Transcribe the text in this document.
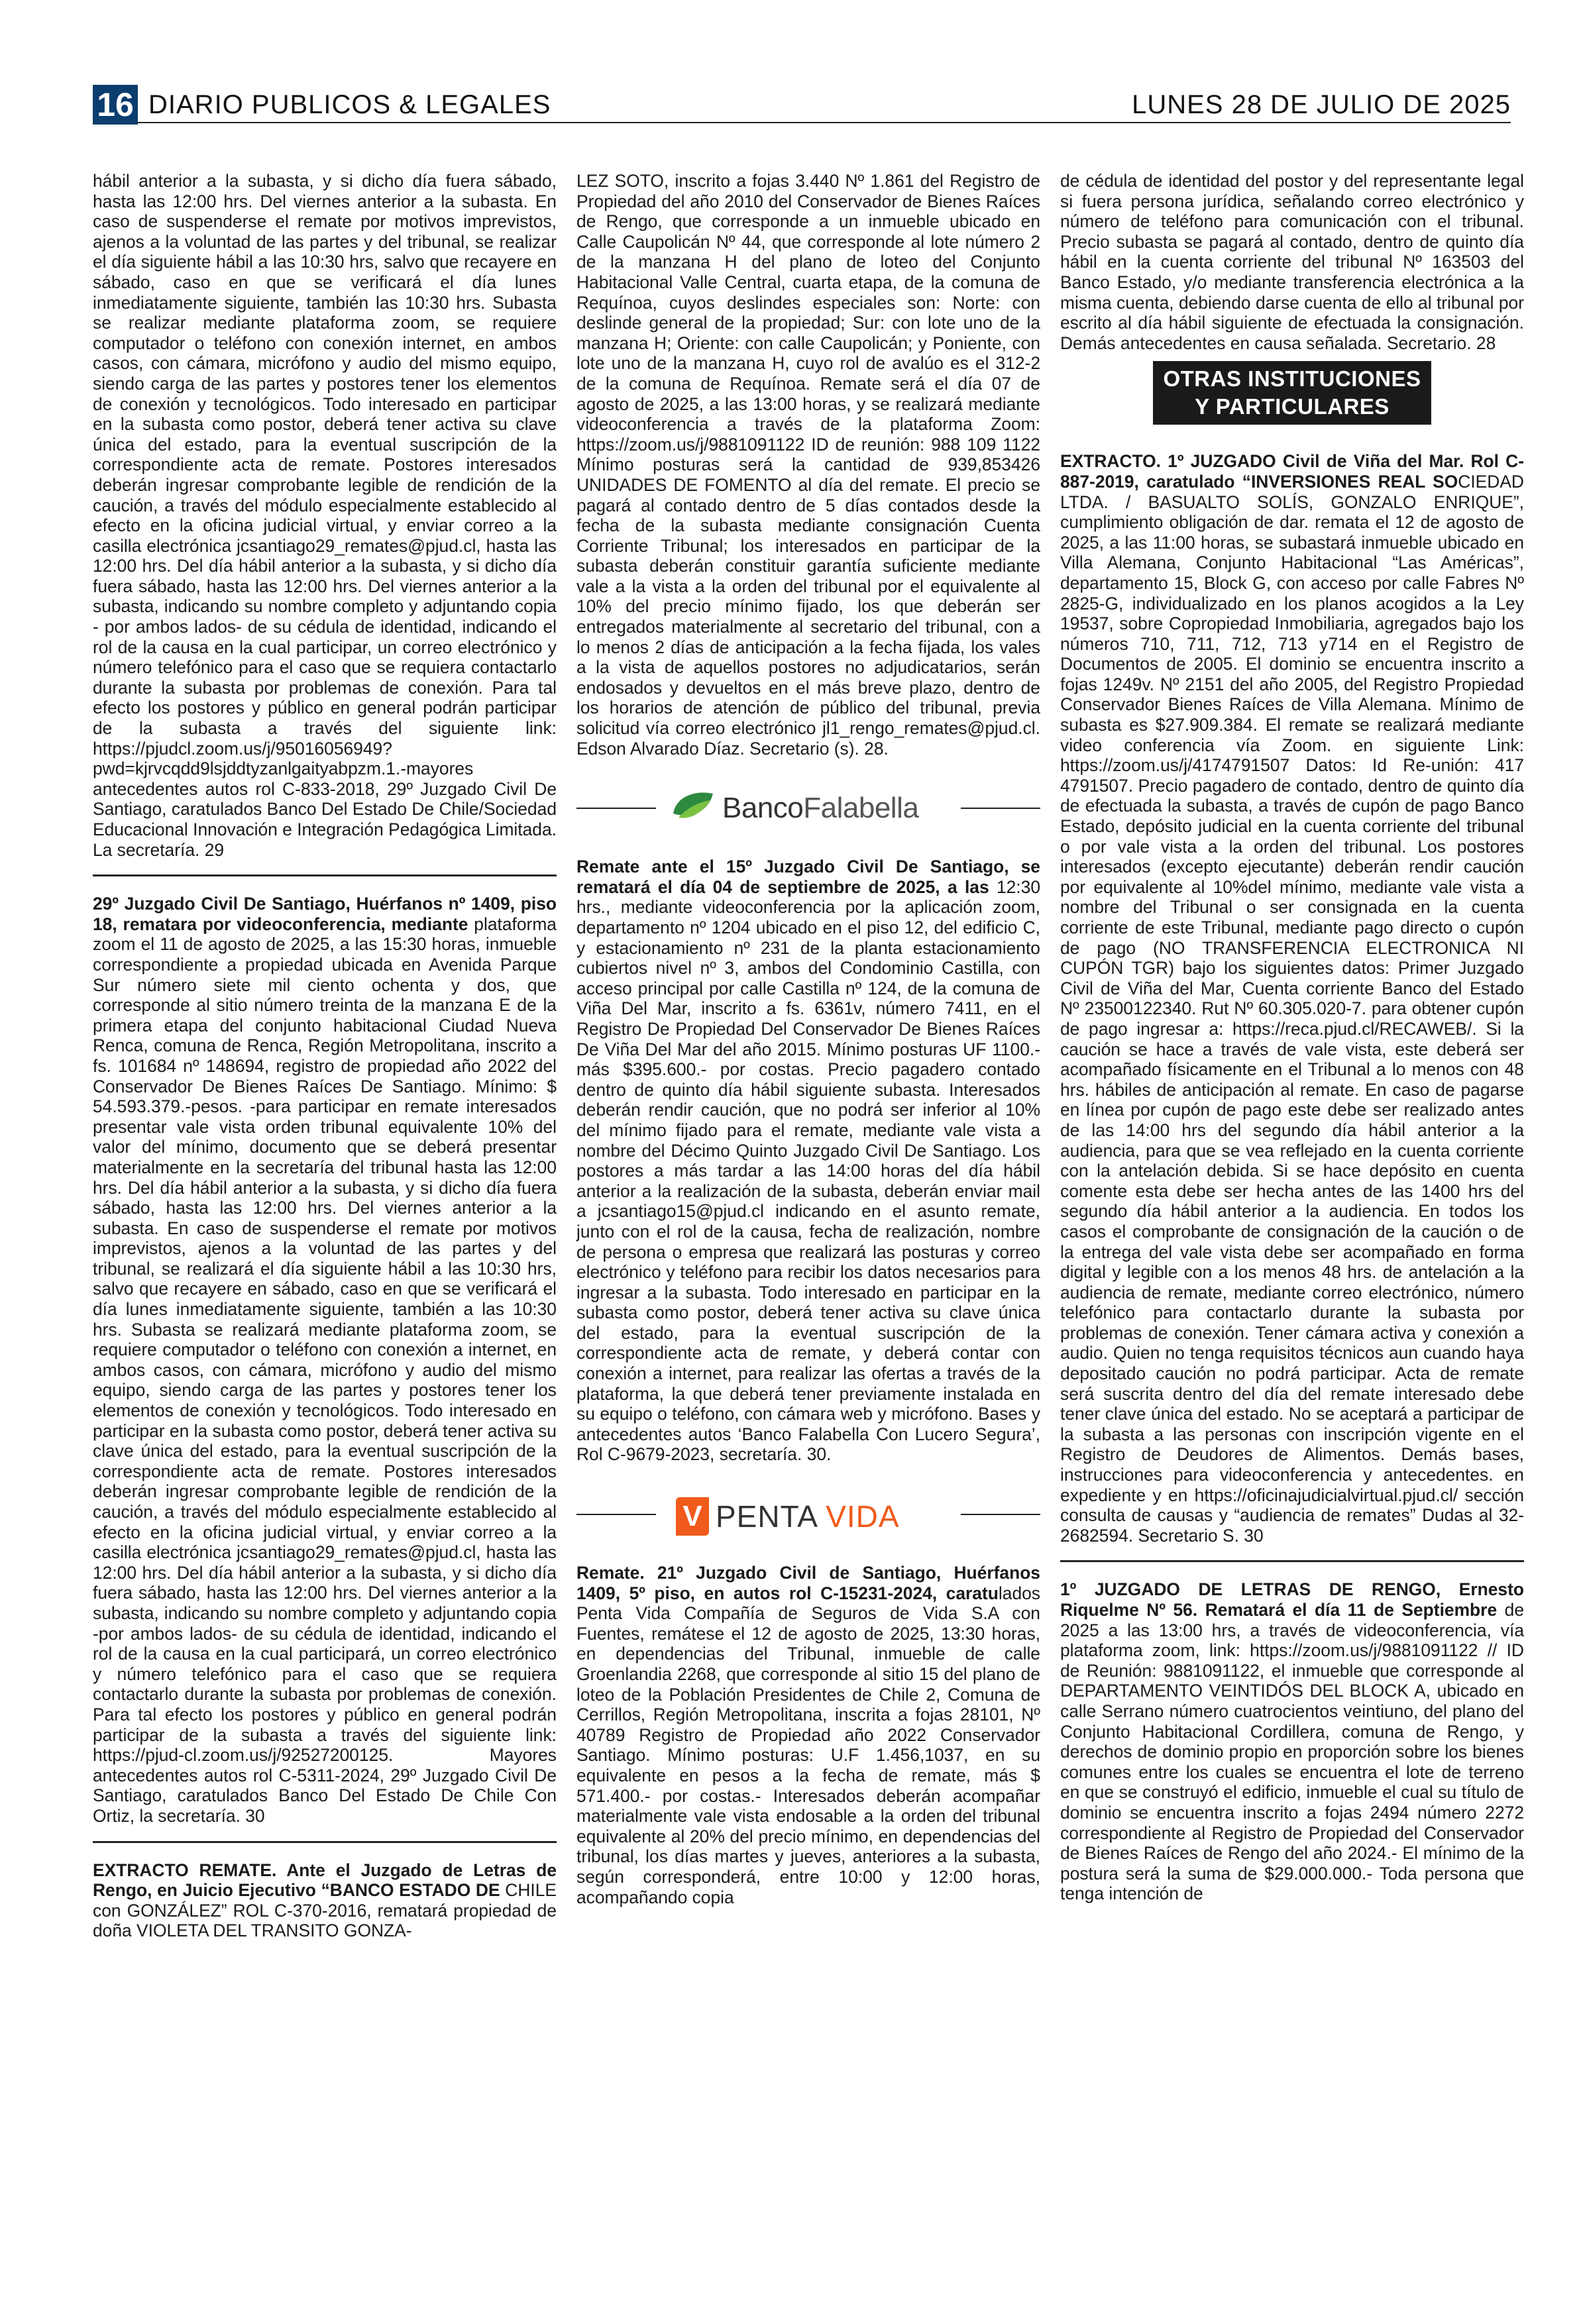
16 DIARIO PUBLICOS & LEGALES	LUNES 28 DE JULIO DE 2025

hábil anterior a la subasta, y si dicho día fuera sábado, hasta las 12:00 hrs. Del viernes anterior a la subasta. En caso de suspenderse el remate por motivos imprevistos, ajenos a la voluntad de las partes y del tribunal, se realizar el día siguiente hábil a las 10:30 hrs, salvo que recayere en sábado, caso en que se verificará el día lunes inmediatamente siguiente, también las 10:30 hrs. Subasta se realizar mediante plataforma zoom, se requiere computador o teléfono con conexión internet, en ambos casos, con cámara, micrófono y audio del mismo equipo, siendo carga de las partes y postores tener los elementos de conexión y tecnológicos. Todo interesado en participar en la subasta como postor, deberá tener activa su clave única del estado, para la eventual suscripción de la correspondiente acta de remate. Postores interesados deberán ingresar comprobante legible de rendición de la caución, a través del módulo especialmente establecido al efecto en la oficina judicial virtual, y enviar correo a la casilla electrónica jcsantiago29_remates@pjud.cl, hasta las 12:00 hrs. Del día hábil anterior a la subasta, y si dicho día fuera sábado, hasta las 12:00 hrs. Del viernes anterior a la subasta, indicando su nombre completo y adjuntando copia - por ambos lados- de su cédula de identidad, indicando el rol de la causa en la cual participar, un correo electrónico y número telefónico para el caso que se requiera contactarlo durante la subasta por problemas de conexión. Para tal efecto los postores y público en general podrán participar de la subasta a través del siguiente link: https://pjudcl.zoom.us/j/95016056949?pwd=kjrvcqdd9lsjddtyzanlgaityabpzm.1.-mayores antecedentes autos rol C-833-2018, 29º Juzgado Civil De Santiago, caratulados Banco Del Estado De Chile/Sociedad Educacional Innovación e Integración Pedagógica Limitada. La secretaría. 29

29º Juzgado Civil De Santiago, Huérfanos nº 1409, piso 18, rematara por videoconferencia, mediante plataforma zoom el 11 de agosto de 2025, a las 15:30 horas, inmueble correspondiente a propiedad ubicada en Avenida Parque Sur número siete mil ciento ochenta y dos, que corresponde al sitio número treinta de la manzana E de la primera etapa del conjunto habitacional Ciudad Nueva Renca, comuna de Renca, Región Metropolitana, inscrito a fs. 101684 nº 148694, registro de propiedad año 2022 del Conservador De Bienes Raíces De Santiago. Mínimo: $ 54.593.379.-pesos. -para participar en remate interesados presentar vale vista orden tribunal equivalente 10% del valor del mínimo, documento que se deberá presentar materialmente en la secretaría del tribunal hasta las 12:00 hrs. Del día hábil anterior a la subasta, y si dicho día fuera sábado, hasta las 12:00 hrs. Del viernes anterior a la subasta. En caso de suspenderse el remate por motivos imprevistos, ajenos a la voluntad de las partes y del tribunal, se realizará el día siguiente hábil a las 10:30 hrs, salvo que recayere en sábado, caso en que se verificará el día lunes inmediatamente siguiente, también a las 10:30 hrs. Subasta se realizará mediante plataforma zoom, se requiere computador o teléfono con conexión a internet, en ambos casos, con cámara, micrófono y audio del mismo equipo, siendo carga de las partes y postores tener los elementos de conexión y tecnológicos. Todo interesado en participar en la subasta como postor, deberá tener activa su clave única del estado, para la eventual suscripción de la correspondiente acta de remate. Postores interesados deberán ingresar comprobante legible de rendición de la caución, a través del módulo especialmente establecido al efecto en la oficina judicial virtual, y enviar correo a la casilla electrónica jcsantiago29_remates@pjud.cl, hasta las 12:00 hrs. Del día hábil anterior a la subasta, y si dicho día fuera sábado, hasta las 12:00 hrs. Del viernes anterior a la subasta, indicando su nombre completo y adjuntando copia -por ambos lados- de su cédula de identidad, indicando el rol de la causa en la cual participará, un correo electrónico y número telefónico para el caso que se requiera contactarlo durante la subasta por problemas de conexión. Para tal efecto los postores y público en general podrán participar de la subasta a través del siguiente link: https://pjud-cl.zoom.us/j/92527200125. Mayores antecedentes autos rol C-5311-2024, 29º Juzgado Civil De Santiago, caratulados Banco Del Estado De Chile Con Ortiz, la secretaría. 30

EXTRACTO REMATE. Ante el Juzgado de Letras de Rengo, en Juicio Ejecutivo “BANCO ESTADO DE CHILE con GONZÁLEZ” ROL C-370-2016, rematará propiedad de doña VIOLETA DEL TRANSITO GONZA-

LEZ SOTO, inscrito a fojas 3.440 Nº 1.861 del Registro de Propiedad del año 2010 del Conservador de Bienes Raíces de Rengo, que corresponde a un inmueble ubicado en Calle Caupolicán Nº 44, que corresponde al lote número 2 de la manzana H del plano de loteo del Conjunto Habitacional Valle Central, cuarta etapa, de la comuna de Requínoa, cuyos deslindes especiales son: Norte: con deslinde general de la propiedad; Sur: con lote uno de la manzana H; Oriente: con calle Caupolicán; y Poniente, con lote uno de la manzana H, cuyo rol de avalúo es el 312-2 de la comuna de Requínoa. Remate será el día 07 de agosto de 2025, a las 13:00 horas, y se realizará mediante videoconferencia a través de la plataforma Zoom: https://zoom.us/j/9881091122 ID de reunión: 988 109 1122 Mínimo posturas será la cantidad de 939,853426 UNIDADES DE FOMENTO al día del remate. El precio se pagará al contado dentro de 5 días contados desde la fecha de la subasta mediante consignación Cuenta Corriente Tribunal; los interesados en participar de la subasta deberán constituir garantía suficiente mediante vale a la vista a la orden del tribunal por el equivalente al 10% del precio mínimo fijado, los que deberán ser entregados materialmente al secretario del tribunal, con a lo menos 2 días de anticipación a la fecha fijada, los vales a la vista de aquellos postores no adjudicatarios, serán endosados y devueltos en el más breve plazo, dentro de los horarios de atención de público del tribunal, previa solicitud vía correo electrónico jl1_rengo_remates@pjud.cl. Edson Alvarado Díaz. Secretario (s). 28.

BancoFalabella

Remate ante el 15º Juzgado Civil De Santiago, se rematará el día 04 de septiembre de 2025, a las 12:30 hrs., mediante videoconferencia por la aplicación zoom, departamento nº 1204 ubicado en el piso 12, del edificio C, y estacionamiento nº 231 de la planta estacionamiento cubiertos nivel nº 3, ambos del Condominio Castilla, con acceso principal por calle Castilla nº 124, de la comuna de Viña Del Mar, inscrito a fs. 6361v, número 7411, en el Registro De Propiedad Del Conservador De Bienes Raíces De Viña Del Mar del año 2015. Mínimo posturas UF 1100.- más $395.600.- por costas. Precio pagadero contado dentro de quinto día hábil siguiente subasta. Interesados deberán rendir caución, que no podrá ser inferior al 10% del mínimo fijado para el remate, mediante vale vista a nombre del Décimo Quinto Juzgado Civil De Santiago. Los postores a más tardar a las 14:00 horas del día hábil anterior a la realización de la subasta, deberán enviar mail a jcsantiago15@pjud.cl indicando en el asunto remate, junto con el rol de la causa, fecha de realización, nombre de persona o empresa que realizará las posturas y correo electrónico y teléfono para recibir los datos necesarios para ingresar a la subasta. Todo interesado en participar en la subasta como postor, deberá tener activa su clave única del estado, para la eventual suscripción de la correspondiente acta de remate, y deberá contar con conexión a internet, para realizar las ofertas a través de la plataforma, la que deberá tener previamente instalada en su equipo o teléfono, con cámara web y micrófono. Bases y antecedentes autos ‘Banco Falabella Con Lucero Segura’, Rol C-9679-2023, secretaría. 30.

V PENTA VIDA

Remate. 21º Juzgado Civil de Santiago, Huérfanos 1409, 5º piso, en autos rol C-15231-2024, caratulados Penta Vida Compañía de Seguros de Vida S.A con Fuentes, remátese el 12 de agosto de 2025, 13:30 horas, en dependencias del Tribunal, inmueble de calle Groenlandia 2268, que corresponde al sitio 15 del plano de loteo de la Población Presidentes de Chile 2, Comuna de Cerrillos, Región Metropolitana, inscrita a fojas 28101, Nº 40789 Registro de Propiedad año 2022 Conservador Santiago. Mínimo posturas: U.F 1.456,1037, en su equivalente en pesos a la fecha de remate, más $ 571.400.- por costas.- Interesados deberán acompañar materialmente vale vista endosable a la orden del tribunal equivalente al 20% del precio mínimo, en dependencias del tribunal, los días martes y jueves, anteriores a la subasta, según corresponderá, entre 10:00 y 12:00 horas, acompañando copia

de cédula de identidad del postor y del representante legal si fuera persona jurídica, señalando correo electrónico y número de teléfono para comunicación con el tribunal. Precio subasta se pagará al contado, dentro de quinto día hábil en la cuenta corriente del tribunal Nº 163503 del Banco Estado, y/o mediante transferencia electrónica a la misma cuenta, debiendo darse cuenta de ello al tribunal por escrito al día hábil siguiente de efectuada la consignación. Demás antecedentes en causa señalada. Secretario. 28

OTRAS INSTITUCIONES
Y PARTICULARES

EXTRACTO. 1º JUZGADO Civil de Viña del Mar. Rol C-887-2019, caratulado “INVERSIONES REAL SOCIEDAD LTDA. / BASUALTO SOLÍS, GONZALO ENRIQUE”, cumplimiento obligación de dar. remata el 12 de agosto de 2025, a las 11:00 horas, se subastará inmueble ubicado en Villa Alemana, Conjunto Habitacional “Las Américas”, departamento 15, Block G, con acceso por calle Fabres Nº 2825-G, individualizado en los planos acogidos a la Ley 19537, sobre Copropiedad Inmobiliaria, agregados bajo los números 710, 711, 712, 713 y714 en el Registro de Documentos de 2005. El dominio se encuentra inscrito a fojas 1249v. Nº 2151 del año 2005, del Registro Propiedad Conservador Bienes Raíces de Villa Alemana. Mínimo de subasta es $27.909.384. El remate se realizará mediante video conferencia vía Zoom. en siguiente Link: https://zoom.us/j/4174791507 Datos: Id Re-unión: 417 4791507. Precio pagadero de contado, dentro de quinto día de efectuada la subasta, a través de cupón de pago Banco Estado, depósito judicial en la cuenta corriente del tribunal o por vale vista a la orden del tribunal. Los postores interesados (excepto ejecutante) deberán rendir caución por equivalente al 10%del mínimo, mediante vale vista a nombre del Tribunal o ser consignada en la cuenta corriente de este Tribunal, mediante pago directo o cupón de pago (NO TRANSFERENCIA ELECTRONICA NI CUPÓN TGR) bajo los siguientes datos: Primer Juzgado Civil de Viña del Mar, Cuenta corriente Banco del Estado Nº 23500122340. Rut Nº 60.305.020-7. para obtener cupón de pago ingresar a: https://reca.pjud.cl/RECAWEB/. Si la caución se hace a través de vale vista, este deberá ser acompañado físicamente en el Tribunal a lo menos con 48 hrs. hábiles de anticipación al remate. En caso de pagarse en línea por cupón de pago este debe ser realizado antes de las 14:00 hrs del segundo día hábil anterior a la audiencia, para que se vea reflejado en la cuenta corriente con la antelación debida. Si se hace depósito en cuenta comente esta debe ser hecha antes de las 1400 hrs del segundo día hábil anterior a la audiencia. En todos los casos el comprobante de consignación de la caución o de la entrega del vale vista debe ser acompañado en forma digital y legible con a los menos 48 hrs. de antelación a la audiencia de remate, mediante correo electrónico, número telefónico para contactarlo durante la subasta por problemas de conexión. Tener cámara activa y conexión a audio. Quien no tenga requisitos técnicos aun cuando haya depositado caución no podrá participar. Acta de remate será suscrita dentro del día del remate interesado debe tener clave única del estado. No se aceptará a participar de la subasta a las personas con inscripción vigente en el Registro de Deudores de Alimentos. Demás bases, instrucciones para videoconferencia y antecedentes. en expediente y en https://oficinajudicialvirtual.pjud.cl/ sección consulta de causas y “audiencia de remates” Dudas al 32-2682594. Secretario S. 30

1º JUZGADO DE LETRAS DE RENGO, Ernesto Riquelme Nº 56. Rematará el día 11 de Septiembre de 2025 a las 13:00 hrs, a través de videoconferencia, vía plataforma zoom, link: https://zoom.us/j/9881091122 // ID de Reunión: 9881091122, el inmueble que corresponde al DEPARTAMENTO VEINTIDÓS DEL BLOCK A, ubicado en calle Serrano número cuatrocientos veintiuno, del plano del Conjunto Habitacional Cordillera, comuna de Rengo, y derechos de dominio propio en proporción sobre los bienes comunes entre los cuales se encuentra el lote de terreno en que se construyó el edificio, inmueble el cual su título de dominio se encuentra inscrito a fojas 2494 número 2272 correspondiente al Registro de Propiedad del Conservador de Bienes Raíces de Rengo del año 2024.- El mínimo de la postura será la suma de $29.000.000.- Toda persona que tenga intención de
